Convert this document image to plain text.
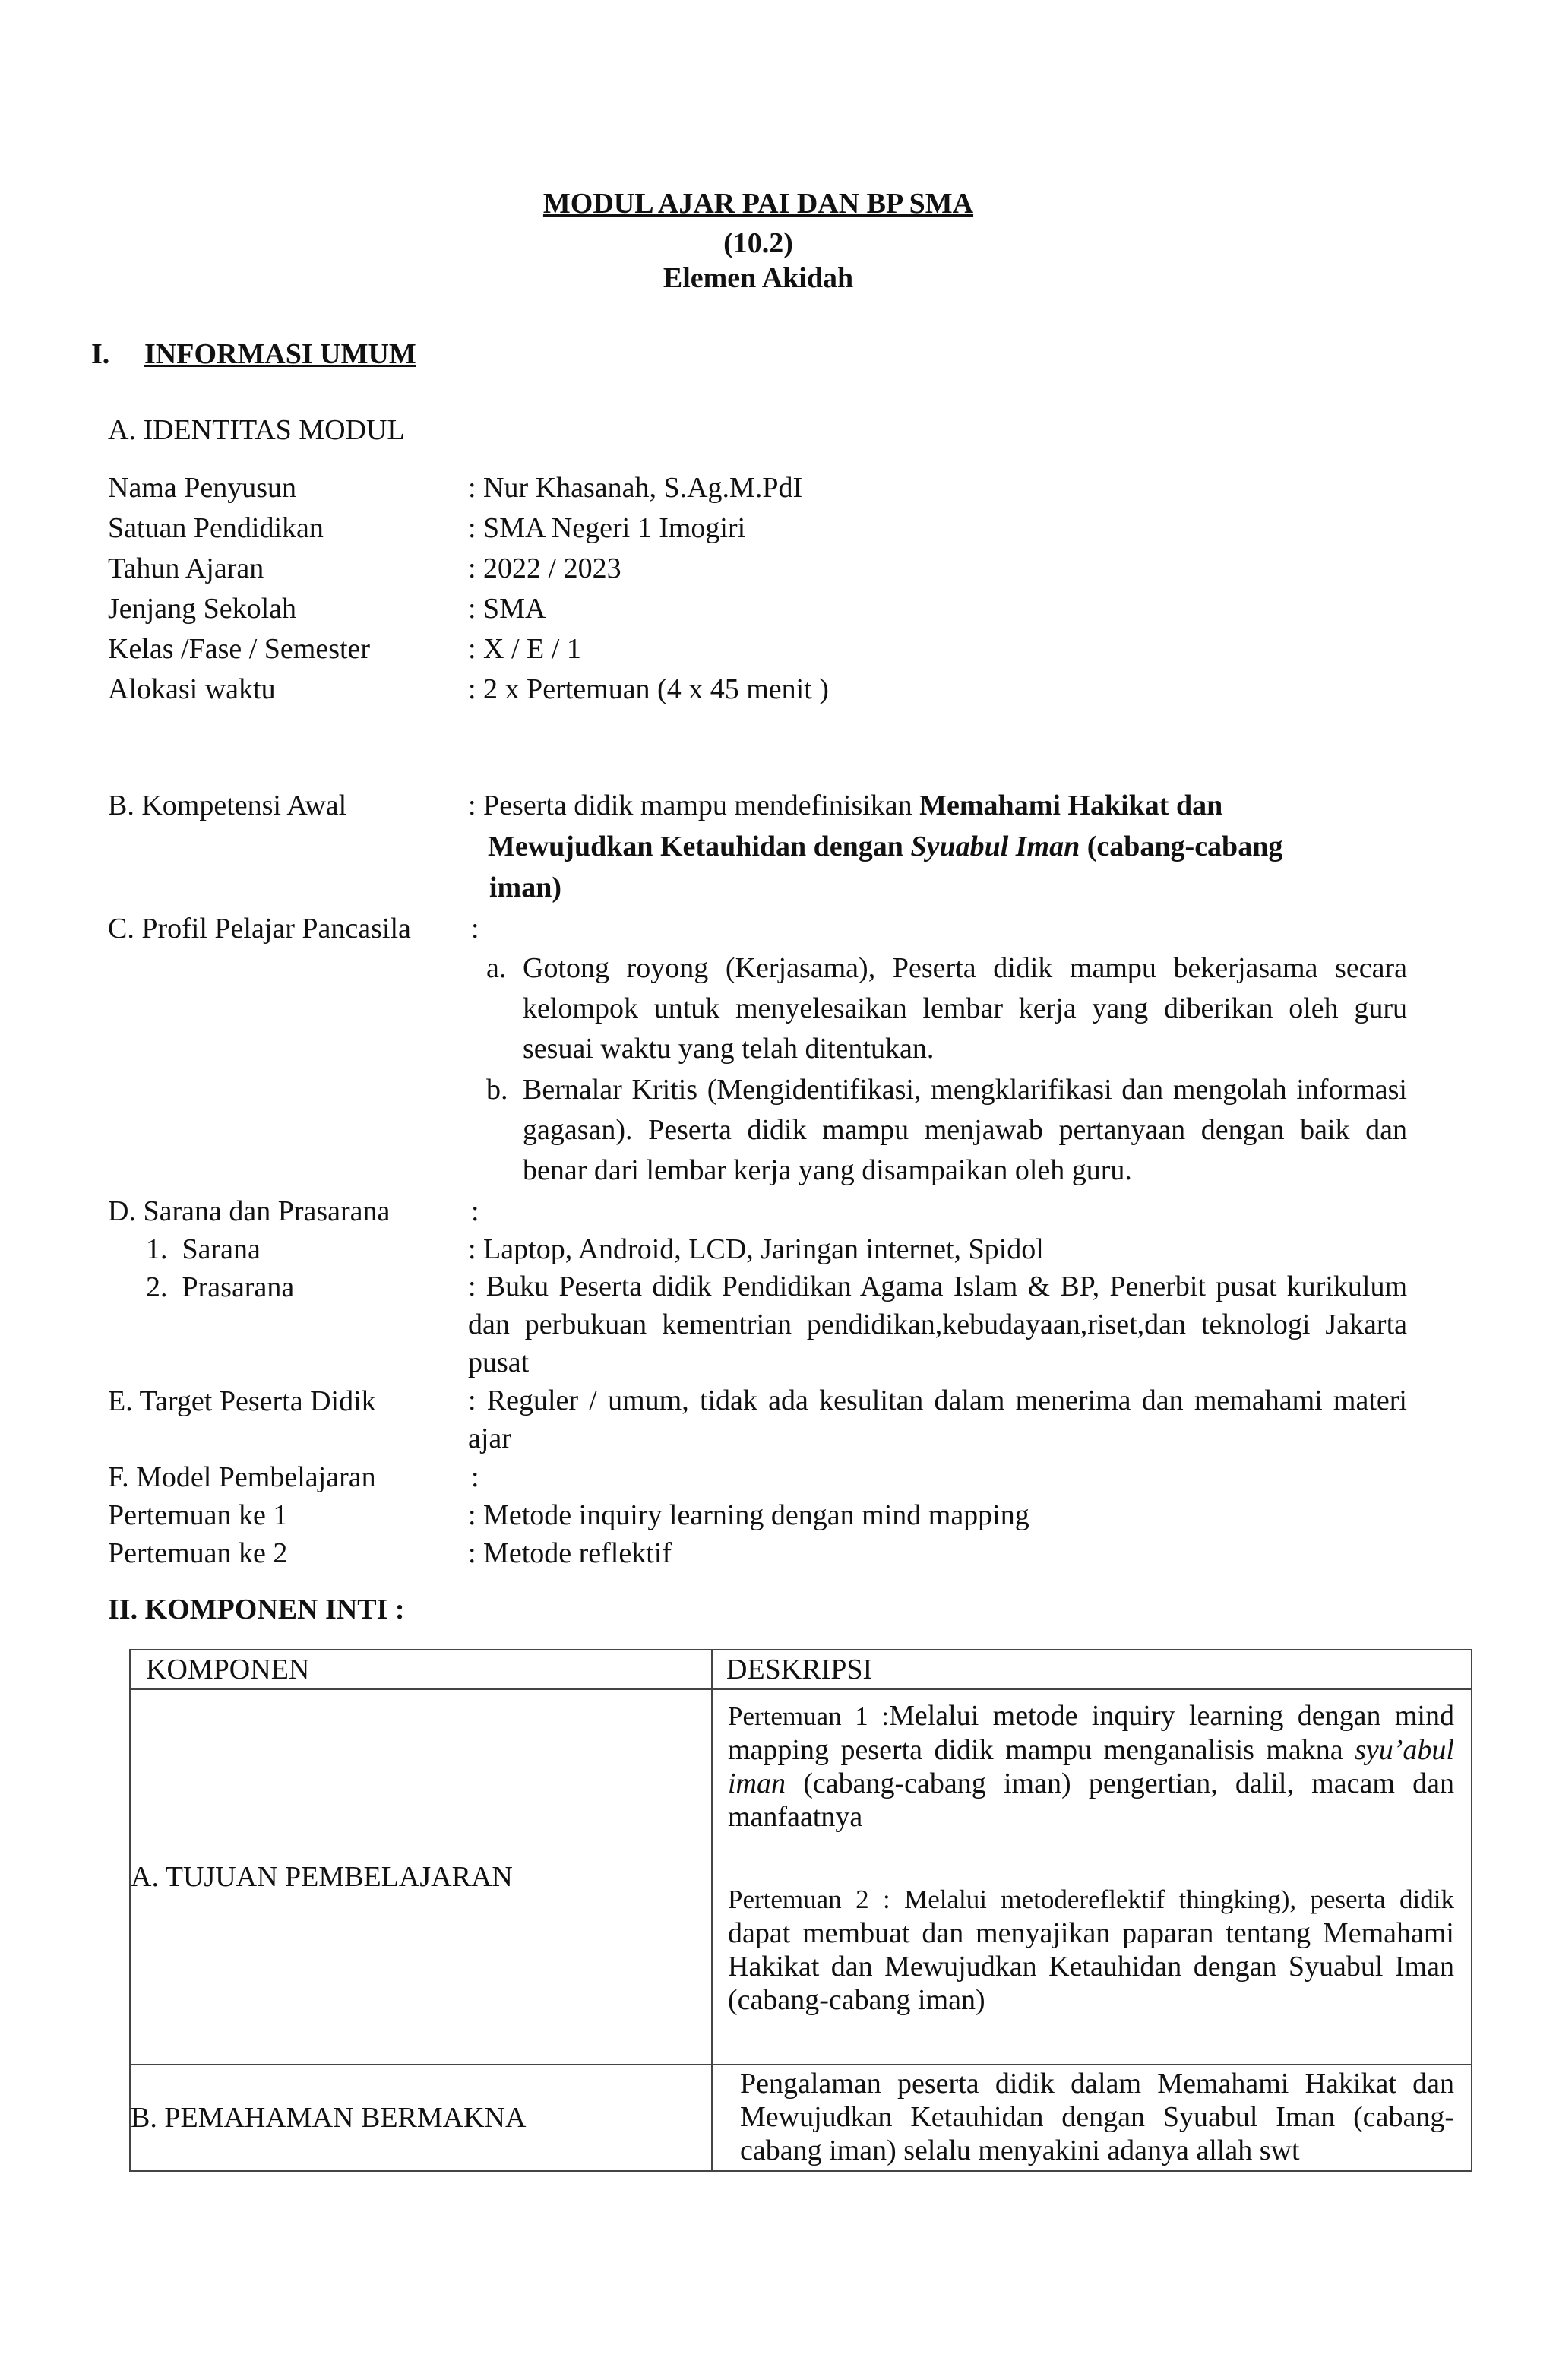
MODUL AJAR PAI DAN BP SMA
(10.2)
Elemen Akidah
I. INFORMASI UMUM
A. IDENTITAS MODUL
Nama Penyusun	: Nur Khasanah, S.Ag.M.PdI
Satuan Pendidikan	: SMA Negeri 1 Imogiri
Tahun Ajaran	: 2022 / 2023
Jenjang Sekolah	: SMA
Kelas /Fase / Semester	: X / E / 1
Alokasi waktu	: 2 x Pertemuan (4 x 45 menit )
B. Kompetensi Awal	: Peserta didik mampu mendefinisikan Memahami Hakikat dan
Mewujudkan Ketauhidan dengan Syuabul Iman (cabang-cabang
iman)
C. Profil Pelajar Pancasila :
a. Gotong royong (Kerjasama), Peserta didik mampu bekerjasama secara kelompok untuk menyelesaikan lembar kerja yang diberikan oleh guru sesuai waktu yang telah ditentukan.
b. Bernalar Kritis (Mengidentifikasi, mengklarifikasi dan mengolah informasi gagasan). Peserta didik mampu menjawab pertanyaan dengan baik dan benar dari lembar kerja yang disampaikan oleh guru.
D. Sarana dan Prasarana	:
1.  Sarana	: Laptop, Android, LCD, Jaringan internet, Spidol
2.  Prasarana	: Buku Peserta didik Pendidikan Agama Islam & BP, Penerbit pusat kurikulum dan perbukuan kementrian pendidikan,kebudayaan,riset,dan teknologi Jakarta pusat
E. Target Peserta Didik	: Reguler / umum, tidak ada kesulitan dalam menerima dan memahami materi ajar
F. Model Pembelajaran	:
Pertemuan ke 1	: Metode inquiry learning dengan mind mapping
Pertemuan ke 2	: Metode reflektif
II. KOMPONEN INTI :
KOMPONEN	DESKRIPSI

A. TUJUAN PEMBELAJARAN	Pertemuan 1 :Melalui metode inquiry learning dengan mind mapping peserta didik mampu menganalisis makna syu’abul iman (cabang-cabang iman) pengertian, dalil, macam dan manfaatnya
Pertemuan 2 : Melalui metodereflektif thingking), peserta didik dapat membuat dan menyajikan paparan tentang Memahami Hakikat dan Mewujudkan Ketauhidan dengan Syuabul Iman (cabang-cabang iman)

B. PEMAHAMAN BERMAKNA	Pengalaman peserta didik dalam Memahami Hakikat dan Mewujudkan Ketauhidan dengan Syuabul Iman (cabang-cabang iman) selalu menyakini adanya allah swt
